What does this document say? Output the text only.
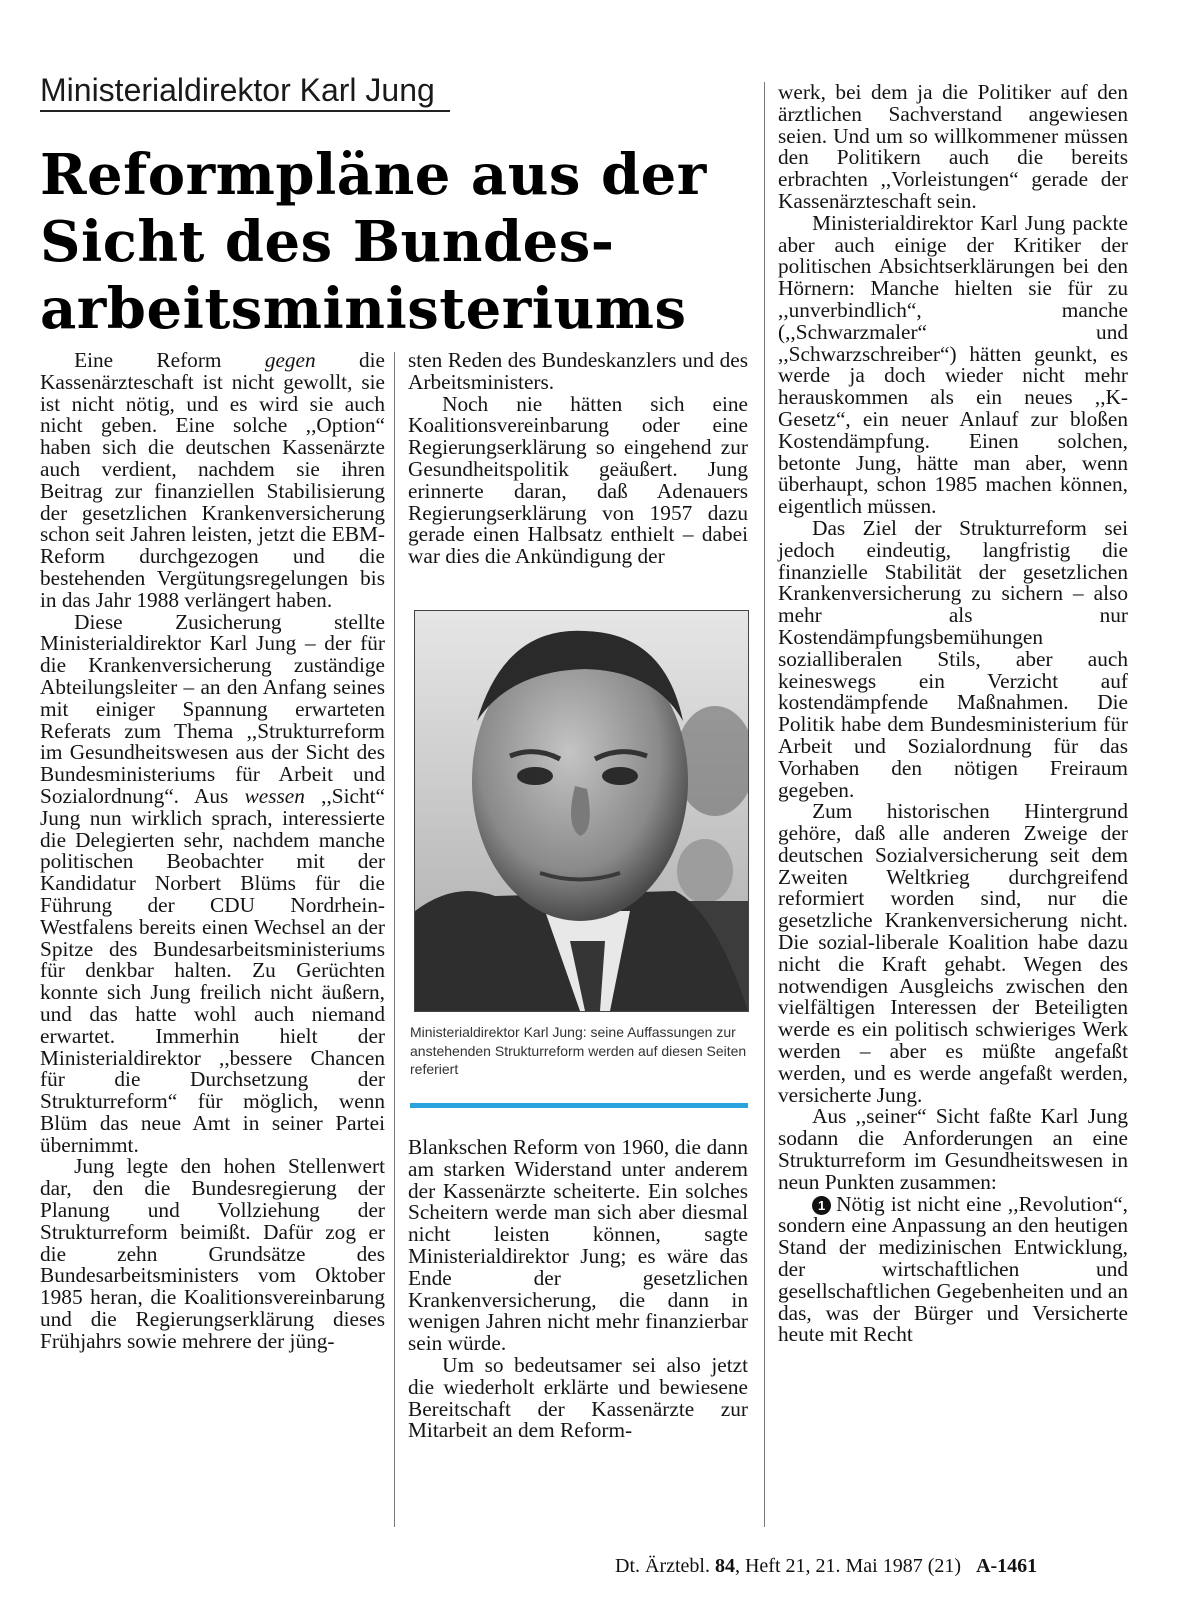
Ministerialdirektor Karl Jung
Reformpläne aus der
Sicht des Bundes-
arbeitsministeriums

Eine Reform gegen die Kassenärzteschaft ist nicht gewollt, sie ist nicht nötig, und es wird sie auch nicht geben. Eine solche ,,Option“ haben sich die deutschen Kassenärzte auch verdient, nachdem sie ihren Beitrag zur finanziellen Stabilisierung der gesetzlichen Krankenversicherung schon seit Jahren leisten, jetzt die EBM-Reform durchgezogen und die bestehenden Vergütungsregelungen bis in das Jahr 1988 verlängert haben.

Diese Zusicherung stellte Ministerialdirektor Karl Jung – der für die Krankenversicherung zuständige Abteilungsleiter – an den Anfang seines mit einiger Spannung erwarteten Referats zum Thema ,,Strukturreform im Gesundheitswesen aus der Sicht des Bundesministeriums für Arbeit und Sozialordnung“. Aus wessen ,,Sicht“ Jung nun wirklich sprach, interessierte die Delegierten sehr, nachdem manche politischen Beobachter mit der Kandidatur Norbert Blüms für die Führung der CDU Nordrhein-Westfalens bereits einen Wechsel an der Spitze des Bundesarbeitsministeriums für denkbar halten. Zu Gerüchten konnte sich Jung freilich nicht äußern, und das hatte wohl auch niemand erwartet. Immerhin hielt der Ministerialdirektor ,,bessere Chancen für die Durchsetzung der Strukturreform“ für möglich, wenn Blüm das neue Amt in seiner Partei übernimmt.

Jung legte den hohen Stellenwert dar, den die Bundesregierung der Planung und Vollziehung der Strukturreform beimißt. Dafür zog er die zehn Grundsätze des Bundesarbeitsministers vom Oktober 1985 heran, die Koalitionsvereinbarung und die Regierungserklärung dieses Frühjahrs sowie mehrere der jüng-

sten Reden des Bundeskanzlers und des Arbeitsministers.

Noch nie hätten sich eine Koalitionsvereinbarung oder eine Regierungserklärung so eingehend zur Gesundheitspolitik geäußert. Jung erinnerte daran, daß Adenauers Regierungserklärung von 1957 dazu gerade einen Halbsatz enthielt – dabei war dies die Ankündigung der

Ministerialdirektor Karl Jung: seine Auffassungen zur anstehenden Strukturreform werden auf diesen Seiten referiert

Blankschen Reform von 1960, die dann am starken Widerstand unter anderem der Kassenärzte scheiterte. Ein solches Scheitern werde man sich aber diesmal nicht leisten können, sagte Ministerialdirektor Jung; es wäre das Ende der gesetzlichen Krankenversicherung, die dann in wenigen Jahren nicht mehr finanzierbar sein würde.

Um so bedeutsamer sei also jetzt die wiederholt erklärte und bewiesene Bereitschaft der Kassenärzte zur Mitarbeit an dem Reform-

werk, bei dem ja die Politiker auf den ärztlichen Sachverstand angewiesen seien. Und um so willkommener müssen den Politikern auch die bereits erbrachten ,,Vorleistungen“ gerade der Kassenärzteschaft sein.

Ministerialdirektor Karl Jung packte aber auch einige der Kritiker der politischen Absichtserklärungen bei den Hörnern: Manche hielten sie für zu ,,unverbindlich“, manche (,,Schwarzmaler“ und ,,Schwarzschreiber“) hätten geunkt, es werde ja doch wieder nicht mehr herauskommen als ein neues ,,K-Gesetz“, ein neuer Anlauf zur bloßen Kostendämpfung. Einen solchen, betonte Jung, hätte man aber, wenn überhaupt, schon 1985 machen können, eigentlich müssen.

Das Ziel der Strukturreform sei jedoch eindeutig, langfristig die finanzielle Stabilität der gesetzlichen Krankenversicherung zu sichern – also mehr als nur Kostendämpfungsbemühungen sozialliberalen Stils, aber auch keineswegs ein Verzicht auf kostendämpfende Maßnahmen. Die Politik habe dem Bundesministerium für Arbeit und Sozialordnung für das Vorhaben den nötigen Freiraum gegeben.

Zum historischen Hintergrund gehöre, daß alle anderen Zweige der deutschen Sozialversicherung seit dem Zweiten Weltkrieg durchgreifend reformiert worden sind, nur die gesetzliche Krankenversicherung nicht. Die sozial-liberale Koalition habe dazu nicht die Kraft gehabt. Wegen des notwendigen Ausgleichs zwischen den vielfältigen Interessen der Beteiligten werde es ein politisch schwieriges Werk werden – aber es müßte angefaßt werden, und es werde angefaßt werden, versicherte Jung.

Aus ,,seiner“ Sicht faßte Karl Jung sodann die Anforderungen an eine Strukturreform im Gesundheitswesen in neun Punkten zusammen:

1 Nötig ist nicht eine ,,Revolution“, sondern eine Anpassung an den heutigen Stand der medizinischen Entwicklung, der wirtschaftlichen und gesellschaftlichen Gegebenheiten und an das, was der Bürger und Versicherte heute mit Recht

Dt. Ärztebl. 84, Heft 21, 21. Mai 1987 (21) A-1461
